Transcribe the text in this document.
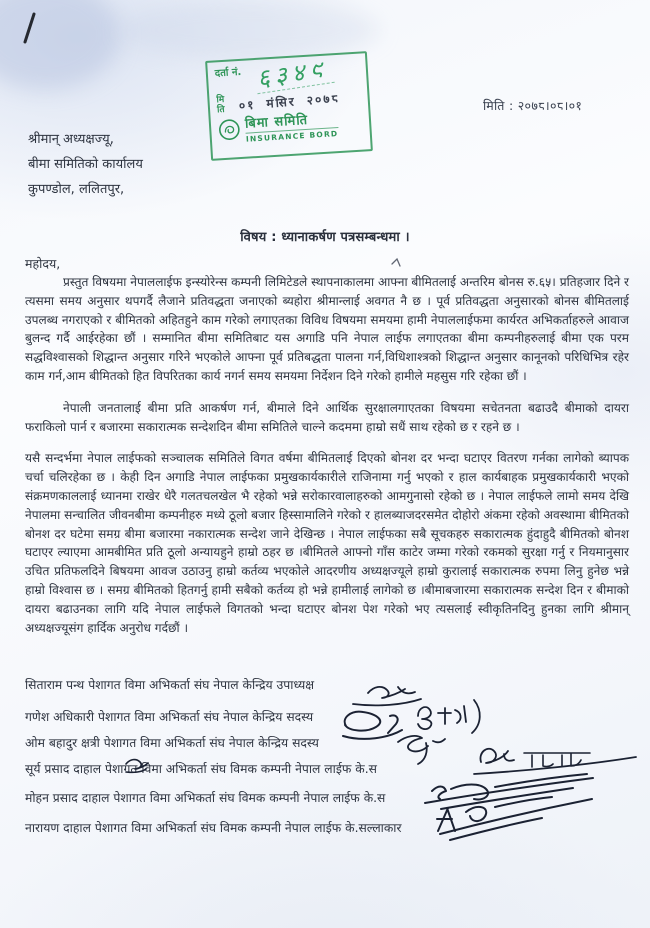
दर्ता नं. ६३४९
मि
ति ०१ मंसिर २०७८
बिमा समिति
INSURANCE BORD
मिति : २०७८।०८।०१
श्रीमान् अध्यक्षज्यू,
बीमा समितिको कार्यालय
कुपण्डोल, ललितपुर,
विषय : ध्यानाकर्षण पत्रसम्बन्धमा ।
महोदय,

प्रस्तुत विषयमा नेपाललाईफ इन्स्योरेन्स कम्पनी लिमिटेडले स्थापनाकालमा आफ्ना बीमितलाई अन्तरिम बोनस रु.६५। प्रतिहजार दिने र त्यसमा समय अनुसार थपगर्दै लैजाने प्रतिवद्धता जनाएको ब्यहोरा श्रीमान्लाई अवगत नै छ । पूर्व प्रतिवद्धता अनुसारको बोनस बीमितलाई उपलब्ध नगराएको र बीमितको अहितहुने काम गरेको लगाएतका विविध विषयमा समयमा हामी नेपाललाईफमा कार्यरत अभिकर्ताहरुले आवाज बुलन्द गर्दै आईरहेका छौं । सम्मानित बीमा समितिबाट यस अगाडि पनि नेपाल लाईफ लगाएतका बीमा कम्पनीहरुलाई बीमा एक परम सद्धविश्वासको शिद्धान्त अनुसार गरिने भएकोले आफ्ना पूर्व प्रतिबद्धता पालना गर्न,विधिशाश्त्रको शिद्धान्त अनुसार कानूनको परिधिभित्र रहेर काम गर्न,आम बीमितको हित विपरितका कार्य नगर्न समय समयमा निर्देशन दिने गरेको हामीले महसुस गरि रहेका छौं ।

नेपाली जनतालाई बीमा प्रति आकर्षण गर्न, बीमाले दिने आर्थिक सुरक्षालगाएतका विषयमा सचेतनता बढाउदै बीमाको दायरा फराकिलो पार्न र बजारमा सकारात्मक सन्देशदिन बीमा समितिले चाल्ने कदममा हाम्रो सधैं साथ रहेको छ र रहने छ ।

यसै सन्दर्भमा नेपाल लाईफको सञ्चालक समितिले विगत वर्षमा बीमितलाई दिएको बोनश दर भन्दा घटाएर वितरण गर्नका लागेको ब्यापक चर्चा चलिरहेका छ । केही दिन अगाडि नेपाल लाईफका प्रमुखकार्यकारीले राजिनामा गर्नु भएको र हाल कार्यबाहक प्रमुखकार्यकारी भएको संक्रमणकाललाई ध्यानमा राखेर धेरै गलतचलखेल भै रहेको भन्ने सरोकारवालाहरुको आमगुनासो रहेको छ । नेपाल लाईफले लामो समय देखि नेपालमा सन्चालित जीवनबीमा कम्पनीहरु मध्ये ठूलो बजार हिस्सामालिने गरेको र हालब्याजदरसमेत दोहोरो अंकमा रहेको अवस्थामा बीमितको बोनश दर घटेमा समग्र बीमा बजारमा नकारात्मक सन्देश जाने देखिन्छ । नेपाल लाईफका सबै सूचकहरु सकारात्मक हुंदाहुदै बीमितको बोनश घटाएर ल्याएमा आमबीमित प्रति ठूलो अन्यायहुने हाम्रो ठहर छ ।बीमितले आफ्नो गाँस काटेर जम्मा गरेको रकमको सुरक्षा गर्नु र नियमानुसार उचित प्रतिफलदिने बिषयमा आवज उठाउनु हाम्रो कर्तव्य भएकोले आदरणीय अध्यक्षज्यूले हाम्रो कुरालाई सकारात्मक रुपमा लिनु हुनेछ भन्ने हाम्रो विश्वास छ । समग्र बीमितको हितगर्नु हामी सबैको कर्तव्य हो भन्ने हामीलाई लागेको छ ।बीमाबजारमा सकारात्मक सन्देश दिन र बीमाको दायरा बढाउनका लागि यदि नेपाल लाईफले विगतको भन्दा घटाएर बोनश पेश गरेको भए त्यसलाई स्वीकृतिनदिनु हुनका लागि श्रीमान् अध्यक्षज्यूसंग हार्दिक अनुरोध गर्दछौं ।

सिताराम पन्थ पेशागत विमा अभिकर्ता संघ नेपाल केन्द्रिय उपाध्यक्ष
गणेश अधिकारी पेशागत विमा अभिकर्ता संघ नेपाल केन्द्रिय सदस्य
ओम बहादुर क्षत्री पेशागत विमा अभिकर्ता संघ नेपाल केन्द्रिय सदस्य
सूर्य प्रसाद दाहाल पेशागत विमा अभिकर्ता संघ विमक कम्पनी नेपाल लाईफ के.स
मोहन प्रसाद दाहाल पेशागत विमा अभिकर्ता संघ विमक कम्पनी नेपाल लाईफ के.स
नारायण दाहाल पेशागत विमा अभिकर्ता संघ विमक कम्पनी नेपाल लाईफ के.सल्लाकार
